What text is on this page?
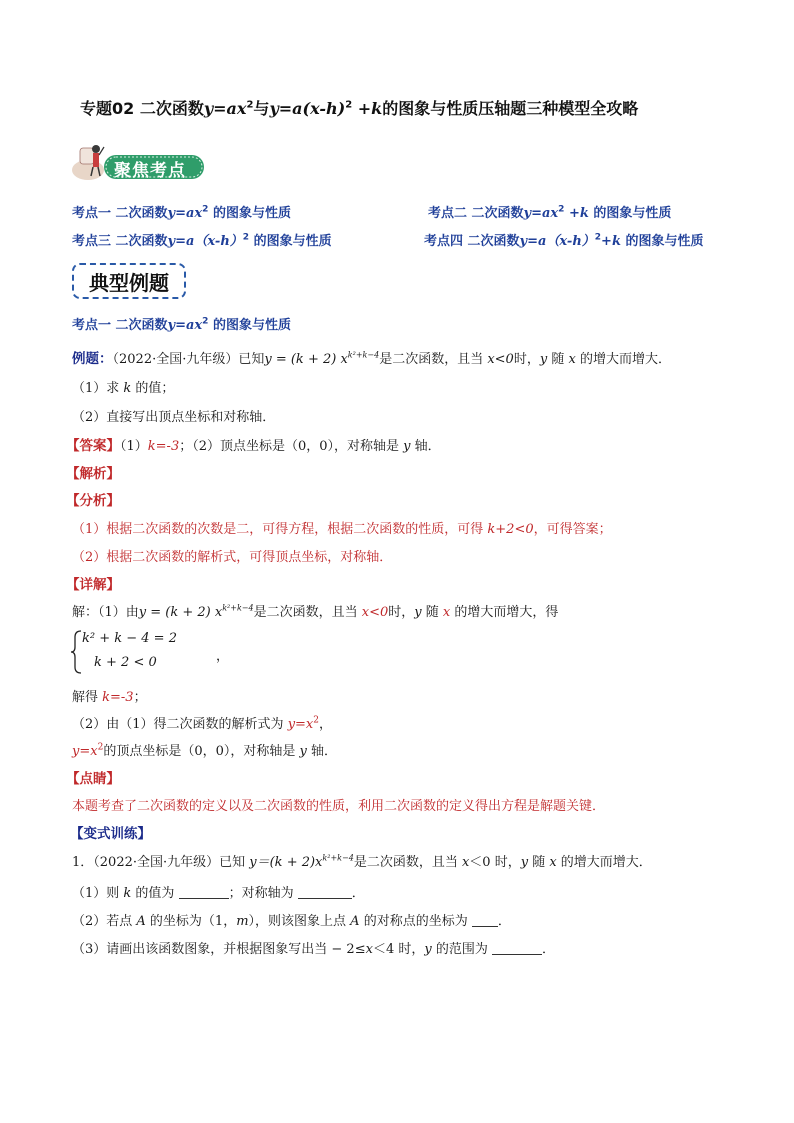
专题02 二次函数$y=ax^2$与$y=a(x-h)^2 +k$的图象与性质压轴题三种模型全攻略
聚焦考点
考点一 二次函数$y=ax^2$ 的图象与性质	考点二 二次函数$y=ax^2 +k$ 的图象与性质
考点三 二次函数$y=a(x-h)^2$ 的图象与性质	考点四 二次函数$y=a(x-h)^2+k$ 的图象与性质
典型例题
考点一 二次函数$y=ax^2$ 的图象与性质
例题：（2022·全国·九年级）已知y = (k + 2) $x^{k^2+k-4}$是二次函数，且当 x<0时，y 随 x 的增大而增大．
（1）求 k 的值；
（2）直接写出顶点坐标和对称轴．
【答案】（1）k=-3；（2）顶点坐标是（0，0），对称轴是 y 轴．
【解析】
【分析】
（1）根据二次函数的次数是二，可得方程，根据二次函数的性质，可得 k+2<0，可得答案；
（2）根据二次函数的解析式，可得顶点坐标，对称轴．
【详解】
解：（1）由y = (k + 2) $x^{k^2+k-4}$是二次函数，且当 x<0时，y 随 x 的增大而增大，得
k² + k − 4 = 2
k + 2 < 0	，
解得 k=-3；
（2）由（1）得二次函数的解析式为 $y=x^2$，
$y=x^2$的顶点坐标是（0，0），对称轴是 y 轴．
【点睛】
本题考查了二次函数的定义以及二次函数的性质，利用二次函数的定义得出方程是解题关键．
【变式训练】
1．（2022·全国·九年级）已知 $y=(k + 2)x^{k^2+k-4}$是二次函数，且当 x＜0 时，y 随 x 的增大而增大．
（1）则 k 的值为	；对称轴为	．
（2）若点 A 的坐标为（1，m），则该图象上点 A 的对称点的坐标为 ．
（3）请画出该函数图象，并根据图象写出当 − 2≤x＜4 时，y 的范围为	．
